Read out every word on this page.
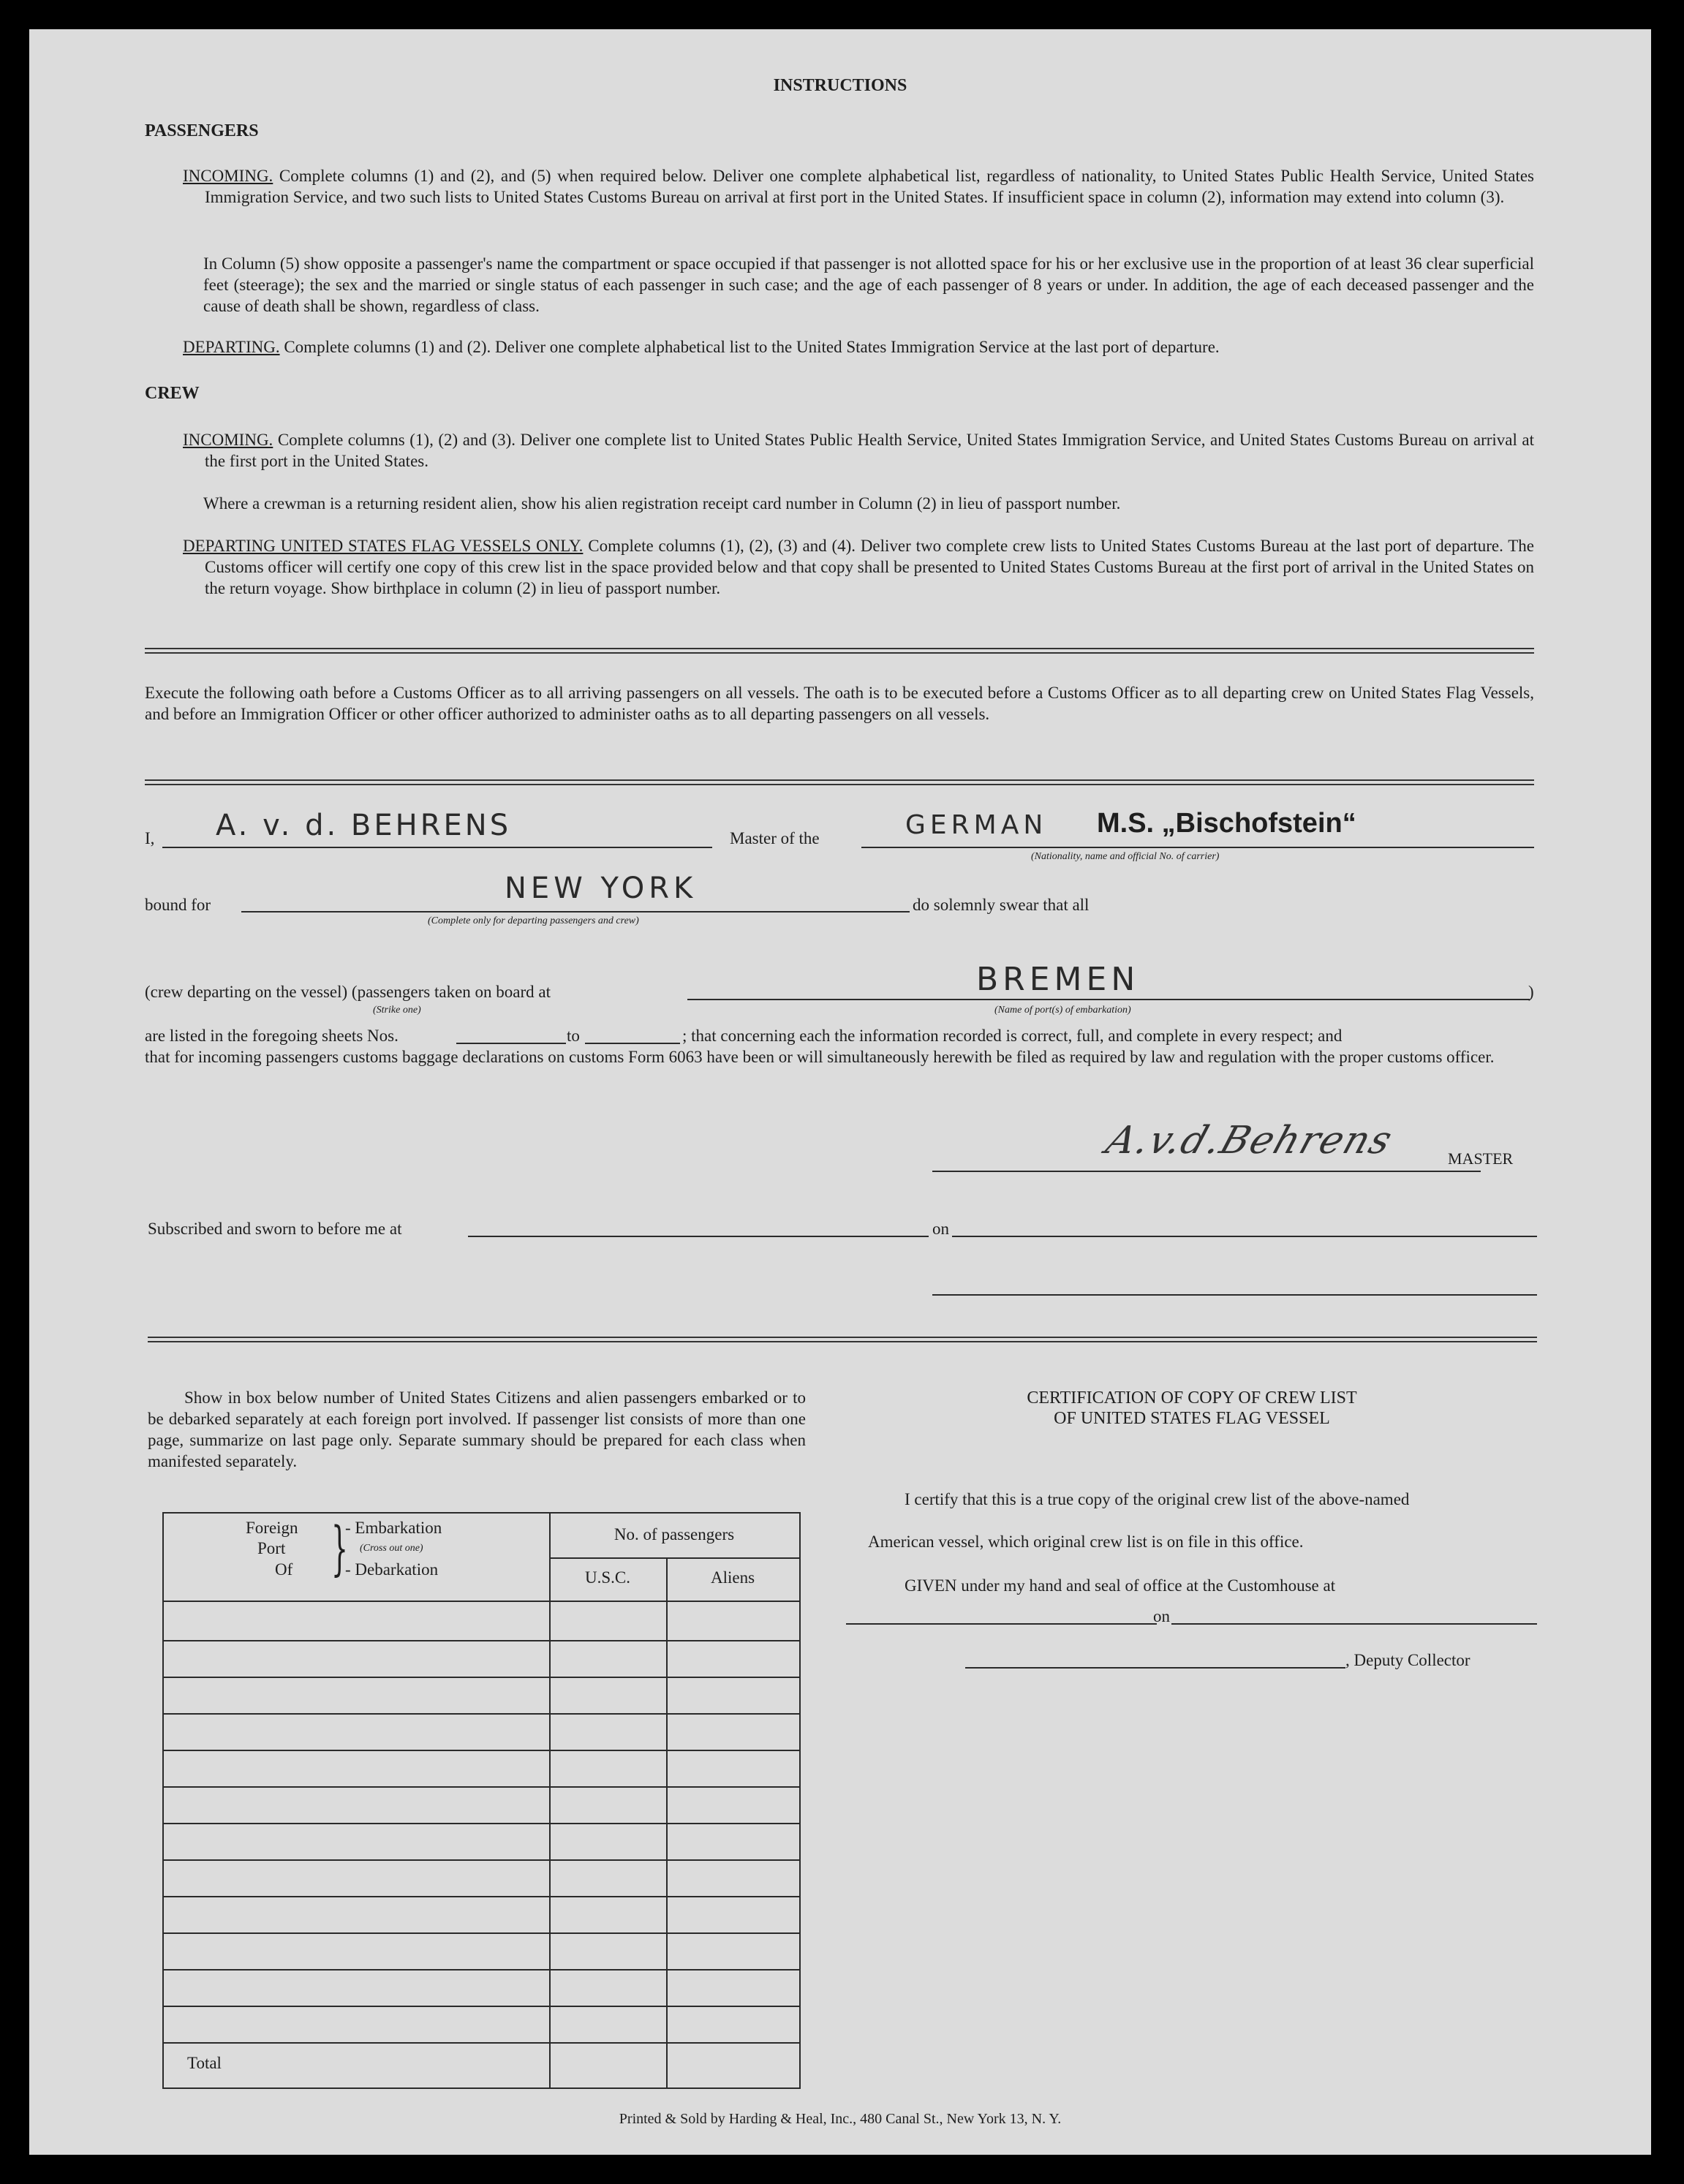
INSTRUCTIONS
PASSENGERS
INCOMING. Complete columns (1) and (2), and (5) when required below. Deliver one complete alphabetical list, regardless of nationality, to United States Public Health Service, United States Immigration Service, and two such lists to United States Customs Bureau on arrival at first port in the United States. If insufficient space in column (2), information may extend into column (3).
In Column (5) show opposite a passenger's name the compartment or space occupied if that passenger is not allotted space for his or her exclusive use in the proportion of at least 36 clear superficial feet (steerage); the sex and the married or single status of each passenger in such case; and the age of each passenger of 8 years or under. In addition, the age of each deceased passenger and the cause of death shall be shown, regardless of class.
DEPARTING. Complete columns (1) and (2). Deliver one complete alphabetical list to the United States Immigration Service at the last port of departure.
CREW
INCOMING. Complete columns (1), (2) and (3). Deliver one complete list to United States Public Health Service, United States Immigration Service, and United States Customs Bureau on arrival at the first port in the United States.
Where a crewman is a returning resident alien, show his alien registration receipt card number in Column (2) in lieu of passport number.
DEPARTING UNITED STATES FLAG VESSELS ONLY. Complete columns (1), (2), (3) and (4). Deliver two complete crew lists to United States Customs Bureau at the last port of departure. The Customs officer will certify one copy of this crew list in the space provided below and that copy shall be presented to United States Customs Bureau at the first port of arrival in the United States on the return voyage. Show birthplace in column (2) in lieu of passport number.
Execute the following oath before a Customs Officer as to all arriving passengers on all vessels. The oath is to be executed before a Customs Officer as to all departing crew on United States Flag Vessels, and before an Immigration Officer or other officer authorized to administer oaths as to all departing passengers on all vessels.
I, A. v. d. BEHRENS	Master of the	GERMAN M.S. „Bischofstein“
(Nationality, name and official No. of carrier)
bound for	NEW YORK
(Complete only for departing passengers and crew)
do solemnly swear that all
(crew departing on the vessel) (passengers taken on board at
(Strike one)
BREMEN
(Name of port(s) of embarkation)
)
are listed in the foregoing sheets Nos.	to	; that concerning each the information recorded is correct, full, and complete in every respect; and
that for incoming passengers customs baggage declarations on customs Form 6063 have been or will simultaneously herewith be filed as required by law and regulation with the proper customs officer.
A.v.d.Behrens	MASTER
Subscribed and sworn to before me at	on
Show in box below number of United States Citizens and alien passengers embarked or to be debarked separately at each foreign port involved. If passenger list consists of more than one page, summarize on last page only. Separate summary should be prepared for each class when manifested separately.
Foreign
Port
Of }
- Embarkation
(Cross out one)
- Debarkation
No. of passengers
U.S.C.	Aliens
Total
CERTIFICATION OF COPY OF CREW LIST
OF UNITED STATES FLAG VESSEL
I certify that this is a true copy of the original crew list of the above-named
American vessel, which original crew list is on file in this office.
GIVEN under my hand and seal of office at the Customhouse at
on
, Deputy Collector
Printed & Sold by Harding & Heal, Inc., 480 Canal St., New York 13, N. Y.
